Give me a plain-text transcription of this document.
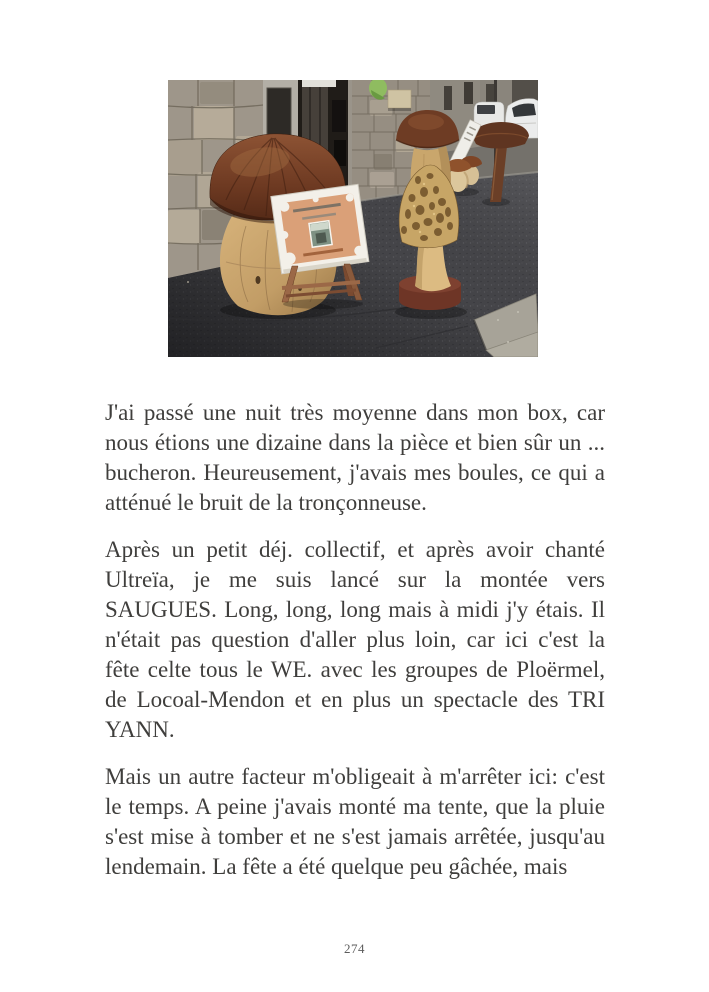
J'ai passé une nuit très moyenne dans mon box, car
nous étions une dizaine dans la pièce et bien sûr un ...
bucheron. Heureusement, j'avais mes boules, ce qui a
atténué le bruit de la tronçonneuse.

Après un petit déj. collectif, et après avoir chanté
Ultreïa, je me suis lancé sur la montée vers
SAUGUES. Long, long, long mais à midi j'y étais. Il
n'était pas question d'aller plus loin, car ici c'est la
fête celte tous le WE. avec les groupes de Ploërmel,
de Locoal-Mendon et en plus un spectacle des TRI
YANN.

Mais un autre facteur m'obligeait à m'arrêter ici: c'est
le temps. A peine j'avais monté ma tente, que la pluie
s'est mise à tomber et ne s'est jamais arrêtée, jusqu'au
lendemain. La fête a été quelque peu gâchée, mais

274
